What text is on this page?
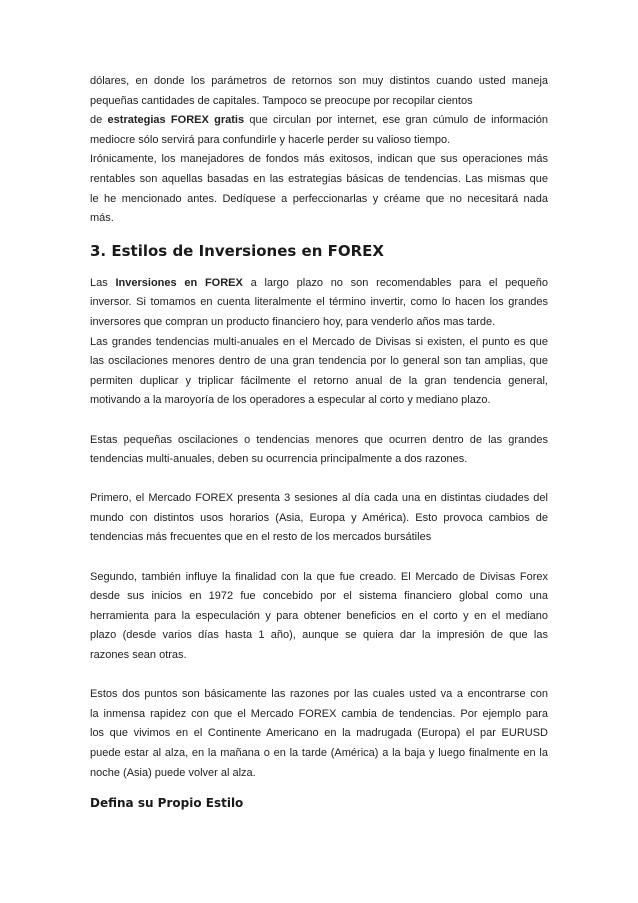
dólares, en donde los parámetros de retornos son muy distintos cuando usted maneja
pequeñas cantidades de capitales. Tampoco se preocupe por recopilar cientos
de estrategias FOREX gratis que circulan por internet, ese gran cúmulo de información
mediocre sólo servirá para confundirle y hacerle perder su valioso tiempo.
Irónicamente, los manejadores de fondos más exitosos, indican que sus operaciones más
rentables son aquellas basadas en las estrategias básicas de tendencias. Las mismas que
le he mencionado antes. Dedíquese a perfeccionarlas y créame que no necesitará nada
más.
3. Estilos de Inversiones en FOREX
Las Inversiones en FOREX a largo plazo no son recomendables para el pequeño
inversor. Si tomamos en cuenta literalmente el término invertir, como lo hacen los grandes
inversores que compran un producto financiero hoy, para venderlo años mas tarde.
Las grandes tendencias multi-anuales en el Mercado de Divisas si existen, el punto es que
las oscilaciones menores dentro de una gran tendencia por lo general son tan amplias, que
permiten duplicar y triplicar fácilmente el retorno anual de la gran tendencia general,
motivando a la maroyoría de los operadores a especular al corto y mediano plazo.
Estas pequeñas oscilaciones o tendencias menores que ocurren dentro de las grandes
tendencias multi-anuales, deben su ocurrencia principalmente a dos razones.
Primero, el Mercado FOREX presenta 3 sesiones al día cada una en distintas ciudades del
mundo con distintos usos horarios (Asia, Europa y América). Esto provoca cambios de
tendencias más frecuentes que en el resto de los mercados bursátiles
Segundo, también influye la finalidad con la que fue creado. El Mercado de Divisas Forex
desde sus inicios en 1972 fue concebido por el sistema financiero global como una
herramienta para la especulación y para obtener beneficios en el corto y en el mediano
plazo (desde varios días hasta 1 año), aunque se quiera dar la impresión de que las
razones sean otras.
Estos dos puntos son básicamente las razones por las cuales usted va a encontrarse con
la inmensa rapidez con que el Mercado FOREX cambia de tendencias. Por ejemplo para
los que vivimos en el Continente Americano en la madrugada (Europa) el par EURUSD
puede estar al alza, en la mañana o en la tarde (América) a la baja y luego finalmente en la
noche (Asia) puede volver al alza.
Defina su Propio Estilo
